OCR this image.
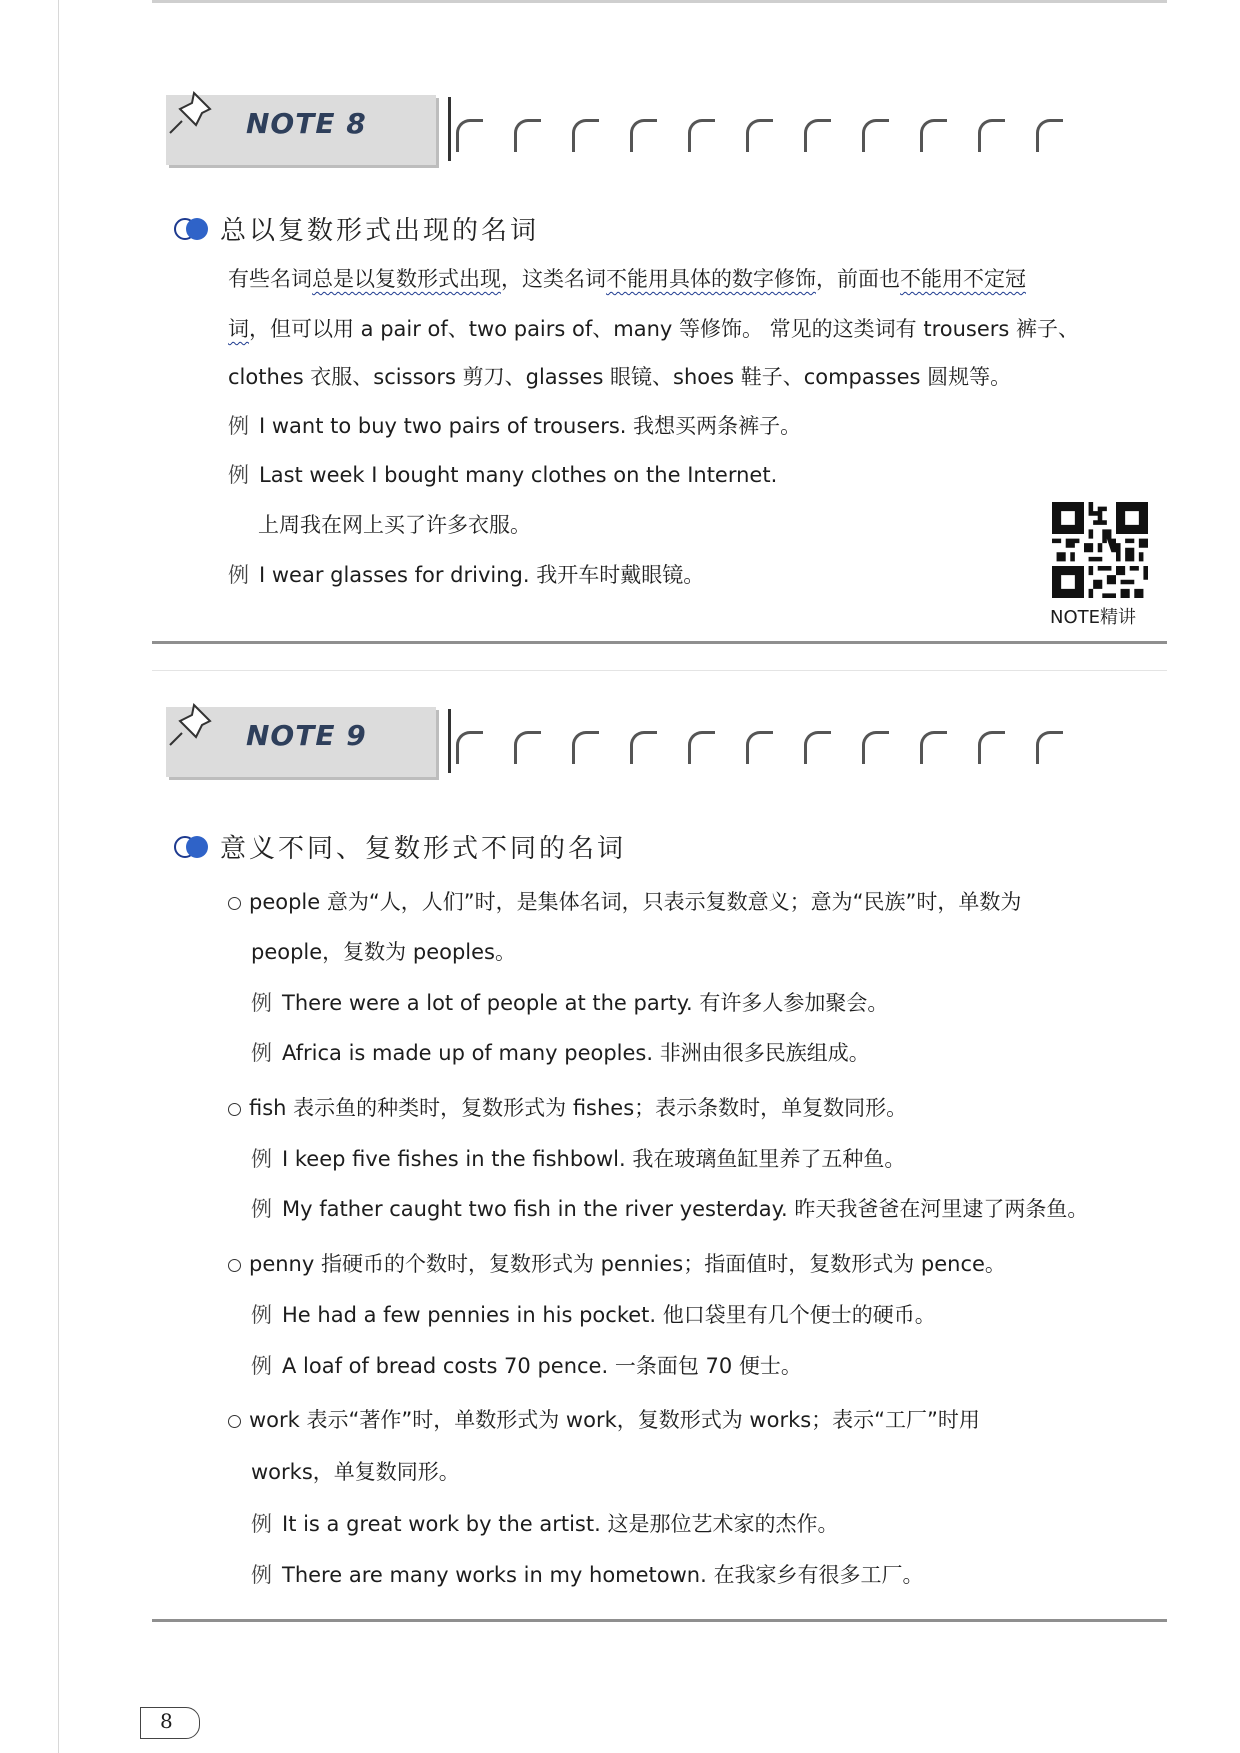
NOTE 8
总以复数形式出现的名词
有些名词总是以复数形式出现，这类名词不能用具体的数字修饰，前面也不能用不定冠
词，但可以用 a pair of、two pairs of、many 等修饰。 常见的这类词有 trousers 裤子、
clothes 衣服、scissors 剪刀、glasses 眼镜、shoes 鞋子、compasses 圆规等。
例 I want to buy two pairs of trousers. 我想买两条裤子。
例 Last week I bought many clothes on the Internet.
上周我在网上买了许多衣服。
例 I wear glasses for driving. 我开车时戴眼镜。
NOTE精讲
NOTE 9
意义不同、复数形式不同的名词
people 意为“人，人们”时，是集体名词，只表示复数意义；意为“民族”时，单数为
people，复数为 peoples。
例 There were a lot of people at the party. 有许多人参加聚会。
例 Africa is made up of many peoples. 非洲由很多民族组成。
fish 表示鱼的种类时，复数形式为 fishes；表示条数时，单复数同形。
例 I keep five fishes in the fishbowl. 我在玻璃鱼缸里养了五种鱼。
例 My father caught two fish in the river yesterday. 昨天我爸爸在河里逮了两条鱼。
penny 指硬币的个数时，复数形式为 pennies；指面值时，复数形式为 pence。
例 He had a few pennies in his pocket. 他口袋里有几个便士的硬币。
例 A loaf of bread costs 70 pence. 一条面包 70 便士。
work 表示“著作”时，单数形式为 work，复数形式为 works；表示“工厂”时用
works，单复数同形。
例 It is a great work by the artist. 这是那位艺术家的杰作。
例 There are many works in my hometown. 在我家乡有很多工厂。
8
